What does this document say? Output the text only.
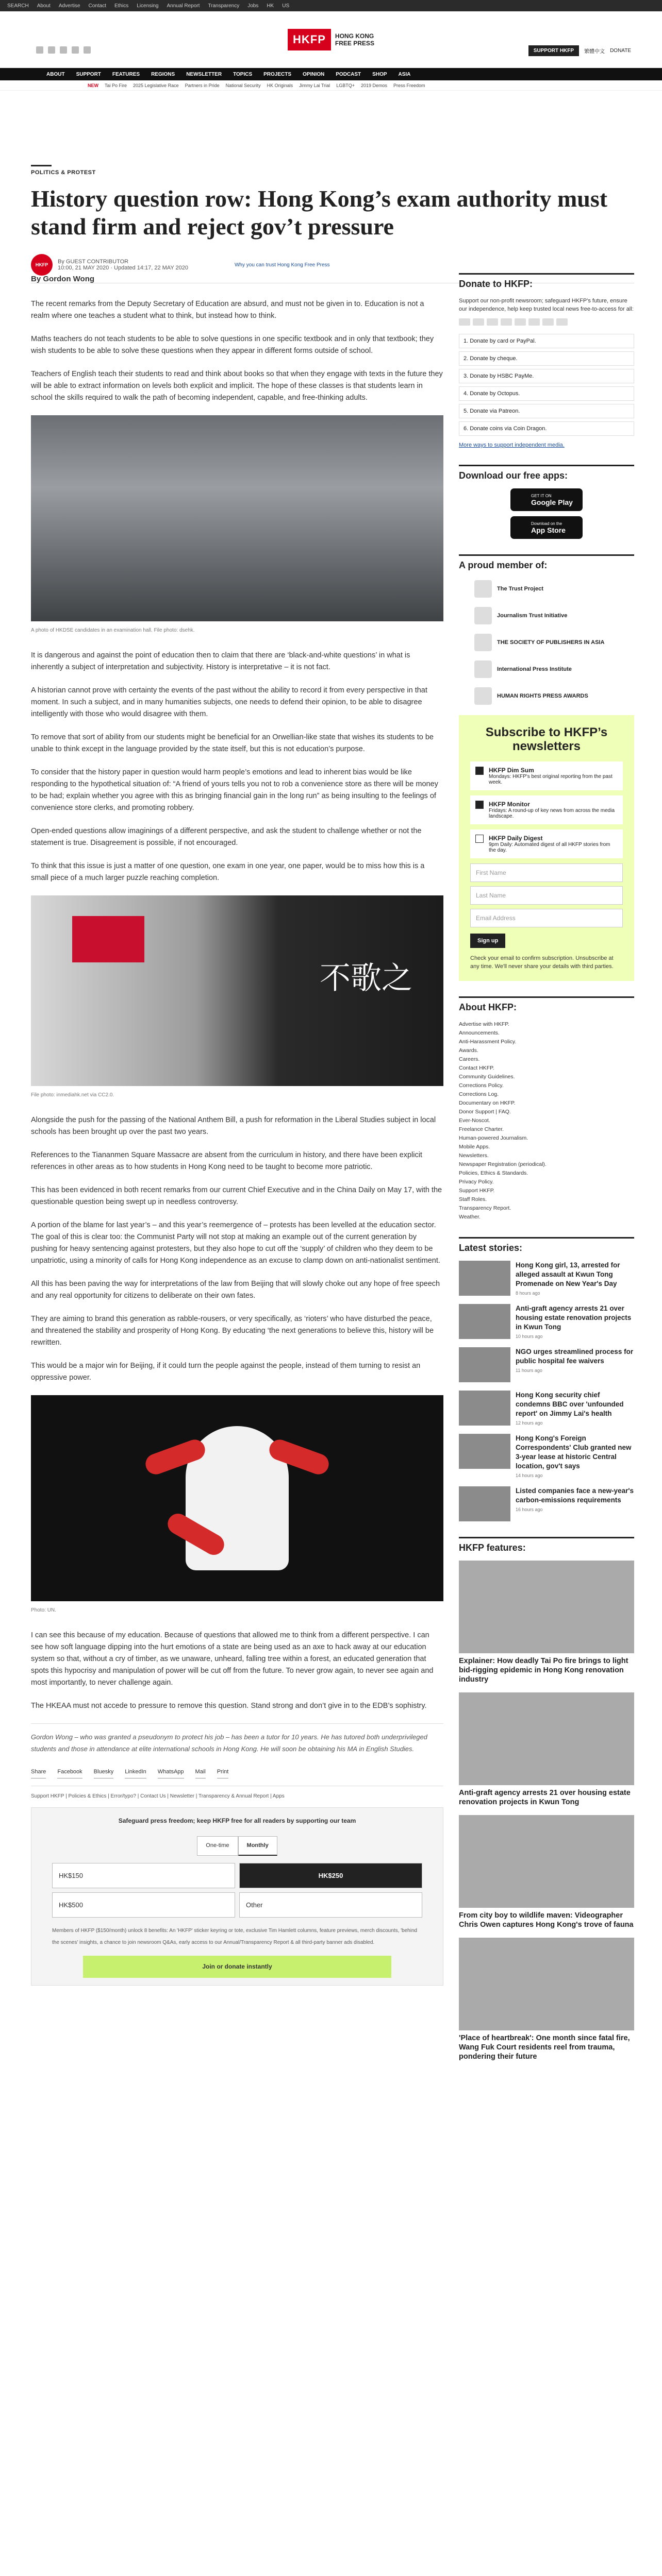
SEARCH About Advertise Contact Ethics Licensing Annual Report Transparency Jobs HK US
HKFP	HONG KONG
FREE PRESS
SUPPORT HKFP	繁體中文 DONATE
ABOUT SUPPORT FEATURES REGIONS NEWSLETTER TOPICS PROJECTS OPINION PODCAST SHOP ASIA
NEW Tai Po Fire 2025 Legislative Race Partners in Pride National Security HK Originals Jimmy Lai Trial LGBTQ+ 2019 Demos Press Freedom
POLITICS & PROTEST
History question row: Hong Kong’s exam authority must stand firm and reject gov’t pressure
HKFP	By GUEST CONTRIBUTOR
10:00, 21 MAY 2020 · Updated 14:17, 22 MAY 2020	Why you can trust Hong Kong Free Press

By Gordon Wong

The recent remarks from the Deputy Secretary of Education are absurd, and must not be given in to. Education is not a realm where one teaches a student what to think, but instead how to think.

Maths teachers do not teach students to be able to solve questions in one specific textbook and in only that textbook; they wish students to be able to solve these questions when they appear in different forms outside of school.

Teachers of English teach their students to read and think about books so that when they engage with texts in the future they will be able to extract information on levels both explicit and implicit. The hope of these classes is that students learn in school the skills required to walk the path of becoming independent, capable, and free-thinking adults.

A photo of HKDSE candidates in an examination hall. File photo: dsehk.

It is dangerous and against the point of education then to claim that there are ‘black-and-white questions’ in what is inherently a subject of interpretation and subjectivity. History is interpretative – it is not fact.

A historian cannot prove with certainty the events of the past without the ability to record it from every perspective in that moment. In such a subject, and in many humanities subjects, one needs to defend their opinion, to be able to disagree intelligently with those who would disagree with them.

To remove that sort of ability from our students might be beneficial for an Orwellian-like state that wishes its students to be unable to think except in the language provided by the state itself, but this is not education’s purpose.

To consider that the history paper in question would harm people’s emotions and lead to inherent bias would be like responding to the hypothetical situation of: “A friend of yours tells you not to rob a convenience store as there will be money to be had; explain whether you agree with this as bringing financial gain in the long run” as being insulting to the feelings of convenience store clerks, and promoting robbery.

Open-ended questions allow imaginings of a different perspective, and ask the student to challenge whether or not the statement is true. Disagreement is possible, if not encouraged.

To think that this issue is just a matter of one question, one exam in one year, one paper, would be to miss how this is a small piece of a much larger puzzle reaching completion.

不歌之
File photo: inmediahk.net via CC2.0.

Alongside the push for the passing of the National Anthem Bill, a push for reformation in the Liberal Studies subject in local schools has been brought up over the past two years.

References to the Tiananmen Square Massacre are absent from the curriculum in history, and there have been explicit references in other areas as to how students in Hong Kong need to be taught to become more patriotic.

This has been evidenced in both recent remarks from our current Chief Executive and in the China Daily on May 17, with the questionable question being swept up in needless controversy.

A portion of the blame for last year’s – and this year’s reemergence of – protests has been levelled at the education sector. The goal of this is clear too: the Communist Party will not stop at making an example out of the current generation by pushing for heavy sentencing against protesters, but they also hope to cut off the ‘supply’ of children who they deem to be unpatriotic, using a minority of calls for Hong Kong independence as an excuse to clamp down on anti-nationalist sentiment.

All this has been paving the way for interpretations of the law from Beijing that will slowly choke out any hope of free speech and any real opportunity for citizens to deliberate on their own fates.

They are aiming to brand this generation as rabble-rousers, or very specifically, as ‘rioters’ who have disturbed the peace, and threatened the stability and prosperity of Hong Kong. By educating ‘the next generations to believe this, history will be rewritten.

This would be a major win for Beijing, if it could turn the people against the people, instead of them turning to resist an oppressive power.

Photo: UN.

I can see this because of my education. Because of questions that allowed me to think from a different perspective. I can see how soft language dipping into the hurt emotions of a state are being used as an axe to hack away at our education system so that, without a cry of timber, as we unaware, unheard, falling tree within a forest, an educated generation that spots this hypocrisy and manipulation of power will be cut off from the future. To never grow again, to never see again and most importantly, to never challenge again.

The HKEAA must not accede to pressure to remove this question. Stand strong and don’t give in to the EDB’s sophistry.

Gordon Wong – who was granted a pseudonym to protect his job – has been a tutor for 10 years. He has tutored both underprivileged students and those in attendance at elite international schools in Hong Kong. He will soon be obtaining his MA in English Studies.

Share Facebook Bluesky LinkedIn WhatsApp Mail Print
Support HKFP | Policies & Ethics | Error/typo? | Contact Us | Newsletter | Transparency & Annual Report | Apps
Safeguard press freedom; keep HKFP free for all readers by supporting our team
One-time	Monthly
HK$150	HK$250
HK$500	Other
Members of HKFP ($150/month) unlock 8 benefits: An 'HKFP' sticker keyring or tote, exclusive Tim Hamlett columns, feature previews, merch discounts, 'behind the scenes' insights, a chance to join newsroom Q&As, early access to our Annual/Transparency Report & all third-party banner ads disabled.
Join or donate instantly
Donate to HKFP:
Support our non-profit newsroom; safeguard HKFP's future, ensure our independence, help keep trusted local news free-to-access for all:
1. Donate by card or PayPal.
2. Donate by cheque.
3. Donate by HSBC PayMe.
4. Donate by Octopus.
5. Donate via Patreon.
6. Donate coins via Coin Dragon.
More ways to support independent media.
Download our free apps:
GET IT ON
Google Play
Download on the
App Store
A proud member of:
The Trust Project
Journalism Trust Initiative
THE SOCIETY OF PUBLISHERS IN ASIA
International Press Institute
HUMAN RIGHTS PRESS AWARDS
Subscribe to HKFP’s newsletters
HKFP Dim Sum
Mondays: HKFP's best original reporting from the past week.
HKFP Monitor
Fridays: A round-up of key news from across the media landscape.
HKFP Daily Digest
9pm Daily: Automated digest of all HKFP stories from the day.
First Name
Last Name
Email Address
Sign up
Check your email to confirm subscription. Unsubscribe at any time. We'll never share your details with third parties.
About HKFP:
Advertise with HKFP.
Announcements.
Anti-Harassment Policy.
Awards.
Careers.
Contact HKFP.
Community Guidelines.
Corrections Policy.
Corrections Log.
Documentary on HKFP.
Donor Support | FAQ.
Ever-Noscot.
Freelance Charter.
Human-powered Journalism.
Mobile Apps.
Newsletters.
Newspaper Registration (periodical).
Policies, Ethics & Standards.
Privacy Policy.
Support HKFP.
Staff Roles.
Transparency Report.
Weather.
Latest stories:
Hong Kong girl, 13, arrested for alleged assault at Kwun Tong Promenade on New Year's Day
8 hours ago
Anti-graft agency arrests 21 over housing estate renovation projects in Kwun Tong
10 hours ago
NGO urges streamlined process for public hospital fee waivers
11 hours ago
Hong Kong security chief condemns BBC over 'unfounded report' on Jimmy Lai's health
12 hours ago
Hong Kong's Foreign Correspondents' Club granted new 3-year lease at historic Central location, gov't says
14 hours ago
Listed companies face a new-year's carbon-emissions requirements
16 hours ago
HKFP features:
Explainer: How deadly Tai Po fire brings to light bid-rigging epidemic in Hong Kong renovation industry
Anti-graft agency arrests 21 over housing estate renovation projects in Kwun Tong
From city boy to wildlife maven: Videographer Chris Owen captures Hong Kong's trove of fauna
'Place of heartbreak': One month since fatal fire, Wang Fuk Court residents reel from trauma, pondering their future
